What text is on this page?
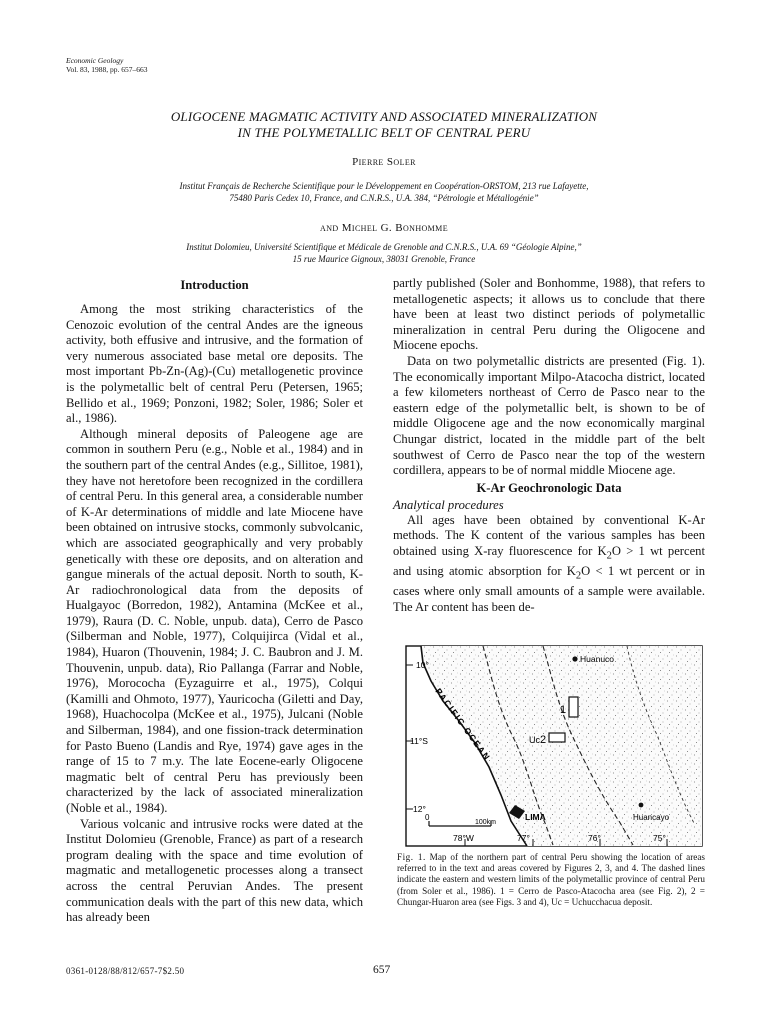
Economic Geology
Vol. 83, 1988, pp. 657–663
OLIGOCENE MAGMATIC ACTIVITY AND ASSOCIATED MINERALIZATION
IN THE POLYMETALLIC BELT OF CENTRAL PERU
Pierre Soler
Institut Français de Recherche Scientifique pour le Développement en Coopération-ORSTOM, 213 rue Lafayette,
75480 Paris Cedex 10, France, and C.N.R.S., U.A. 384, “Pétrologie et Métallogénie”
and Michel G. Bonhomme
Institut Dolomieu, Université Scientifique et Médicale de Grenoble and C.N.R.S., U.A. 69 “Géologie Alpine,”
15 rue Maurice Gignoux, 38031 Grenoble, France
Introduction

Among the most striking characteristics of the Cenozoic evolution of the central Andes are the igneous activity, both effusive and intrusive, and the formation of very numerous associated base metal ore deposits. The most important Pb-Zn-(Ag)-(Cu) metallogenetic province is the polymetallic belt of central Peru (Petersen, 1965; Bellido et al., 1969; Ponzoni, 1982; Soler, 1986; Soler et al., 1986).

Although mineral deposits of Paleogene age are common in southern Peru (e.g., Noble et al., 1984) and in the southern part of the central Andes (e.g., Sillitoe, 1981), they have not heretofore been recognized in the cordillera of central Peru. In this general area, a considerable number of K-Ar determinations of middle and late Miocene have been obtained on intrusive stocks, commonly subvolcanic, which are associated geographically and very probably genetically with these ore deposits, and on alteration and gangue minerals of the actual deposit. North to south, K-Ar radiochronological data from the deposits of Hualgayoc (Borredon, 1982), Antamina (McKee et al., 1979), Raura (D. C. Noble, unpub. data), Cerro de Pasco (Silberman and Noble, 1977), Colquijirca (Vidal et al., 1984), Huaron (Thouvenin, 1984; J. C. Baubron and J. M. Thouvenin, unpub. data), Rio Pallanga (Farrar and Noble, 1976), Morococha (Eyzaguirre et al., 1975), Colqui (Kamilli and Ohmoto, 1977), Yauricocha (Giletti and Day, 1968), Huachocolpa (McKee et al., 1975), Julcani (Noble and Silberman, 1984), and one fission-track determination for Pasto Bueno (Landis and Rye, 1974) gave ages in the range of 15 to 7 m.y. The late Eocene-early Oligocene magmatic belt of central Peru has previously been characterized by the lack of associated mineralization (Noble et al., 1984).

Various volcanic and intrusive rocks were dated at the Institut Dolomieu (Grenoble, France) as part of a research program dealing with the space and time evolution of magmatic and metallogenetic processes along a transect across the central Peruvian Andes. The present communication deals with the part of this new data, which has already been

partly published (Soler and Bonhomme, 1988), that refers to metallogenetic aspects; it allows us to conclude that there have been at least two distinct periods of polymetallic mineralization in central Peru during the Oligocene and Miocene epochs.

Data on two polymetallic districts are presented (Fig. 1). The economically important Milpo-Atacocha district, located a few kilometers northeast of Cerro de Pasco near to the eastern edge of the polymetallic belt, is shown to be of middle Oligocene age and the now economically marginal Chungar district, located in the middle part of the belt southwest of Cerro de Pasco near the top of the western cordillera, appears to be of normal middle Miocene age.

K-Ar Geochronologic Data
Analytical procedures

All ages have been obtained by conventional K-Ar methods. The K content of the various samples has been obtained using X-ray fluorescence for $K_2O > 1$ wt percent and using atomic absorption for $K_2O < 1$ wt percent or in cases where only small amounts of a sample were available. The Ar content has been de-

10°
11°S
12°
78°W	77°	76°	75°
PACIFIC OCEAN
Huanuco
LIMA	Huancayo
Uc
1
2
0
100km
Fig. 1. Map of the northern part of central Peru showing the location of areas referred to in the text and areas covered by Figures 2, 3, and 4. The dashed lines indicate the eastern and western limits of the polymetallic province of central Peru (from Soler et al., 1986). 1 = Cerro de Pasco-Atacocha area (see Fig. 2), 2 = Chungar-Huaron area (see Figs. 3 and 4), Uc = Uchucchacua deposit.
0361-0128/88/812/657-7$2.50	657
